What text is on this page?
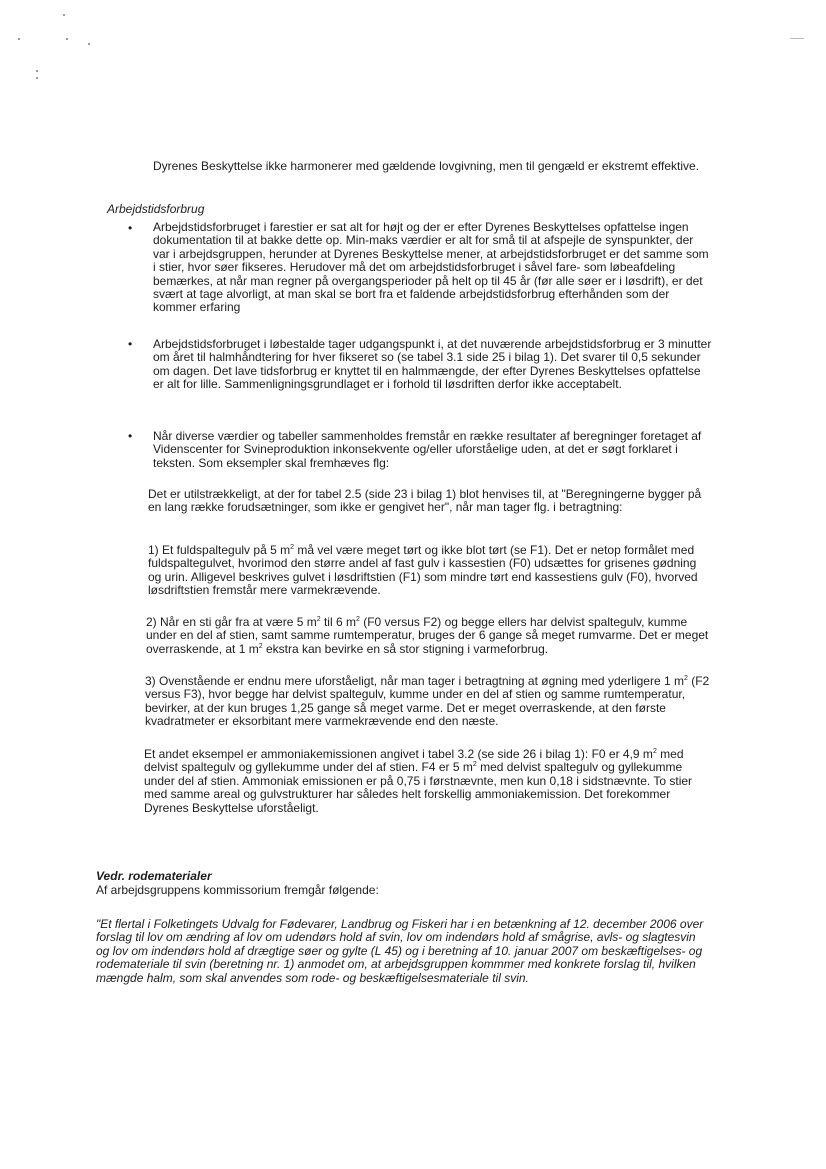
Dyrenes Beskyttelse ikke harmonerer med gældende lovgivning, men til gengæld er ekstremt effektive.

Arbejdstidsforbrug

• Arbejdstidsforbruget i farestier er sat alt for højt og der er efter Dyrenes Beskyttelses opfattelse ingen dokumentation til at bakke dette op. Min-maks værdier er alt for små til at afspejle de synspunkter, der var i arbejdsgruppen, herunder at Dyrenes Beskyttelse mener, at arbejdstidsforbruget er det samme som i stier, hvor søer fikseres. Herudover må det om arbejdstidsforbruget i såvel fare- som løbeafdeling bemærkes, at når man regner på overgangsperioder på helt op til 45 år (før alle søer er i løsdrift), er det svært at tage alvorligt, at man skal se bort fra et faldende arbejdstidsforbrug efterhånden som der kommer erfaring

• Arbejdstidsforbruget i løbestalde tager udgangspunkt i, at det nuværende arbejdstidsforbrug er 3 minutter om året til halmhåndtering for hver fikseret so (se tabel 3.1 side 25 i bilag 1). Det svarer til 0,5 sekunder om dagen. Det lave tidsforbrug er knyttet til en halmmængde, der efter Dyrenes Beskyttelses opfattelse er alt for lille. Sammenligningsgrundlaget er i forhold til løsdriften derfor ikke acceptabelt.

• Når diverse værdier og tabeller sammenholdes fremstår en række resultater af beregninger foretaget af Videnscenter for Svineproduktion inkonsekvente og/eller uforståelige uden, at det er søgt forklaret i teksten. Som eksempler skal fremhæves flg:

Det er utilstrækkeligt, at der for tabel 2.5 (side 23 i bilag 1) blot henvises til, at "Beregningerne bygger på en lang række forudsætninger, som ikke er gengivet her", når man tager flg. i betragtning:

1) Et fuldspaltegulv på 5 $m^2$ må vel være meget tørt og ikke blot tørt (se F1). Det er netop formålet med fuldspaltegulvet, hvorimod den større andel af fast gulv i kassestien (F0) udsættes for grisenes gødning og urin. Alligevel beskrives gulvet i løsdriftstien (F1) som mindre tørt end kassestiens gulv (F0), hvorved løsdriftstien fremstår mere varmekrævende.

2) Når en sti går fra at være 5 $m^2$ til 6 $m^2$ (F0 versus F2) og begge ellers har delvist spaltegulv, kumme under en del af stien, samt samme rumtemperatur, bruges der 6 gange så meget rumvarme. Det er meget overraskende, at 1 $m^2$ ekstra kan bevirke en så stor stigning i varmeforbrug.

3) Ovenstående er endnu mere uforståeligt, når man tager i betragtning at øgning med yderligere 1 $m^2$ (F2 versus F3), hvor begge har delvist spaltegulv, kumme under en del af stien og samme rumtemperatur, bevirker, at der kun bruges 1,25 gange så meget varme. Det er meget overraskende, at den første kvadratmeter er eksorbitant mere varmekrævende end den næste.

Et andet eksempel er ammoniakemissionen angivet i tabel 3.2 (se side 26 i bilag 1): F0 er 4,9 $m^2$ med delvist spaltegulv og gyllekumme under del af stien. F4 er 5 $m^2$ med delvist spaltegulv og gyllekumme under del af stien. Ammoniak emissionen er på 0,75 i førstnævnte, men kun 0,18 i sidstnævnte. To stier med samme areal og gulvstrukturer har således helt forskellig ammoniakemission. Det forekommer Dyrenes Beskyttelse uforståeligt.

Vedr. rodematerialer

Af arbejdsgruppens kommissorium fremgår følgende:

"Et flertal i Folketingets Udvalg for Fødevarer, Landbrug og Fiskeri har i en betænkning af 12. december 2006 over forslag til lov om ændring af lov om udendørs hold af svin, lov om indendørs hold af smågrise, avls- og slagtesvin og lov om indendørs hold af drægtige søer og gylte (L 45) og i beretning af 10. januar 2007 om beskæftigelses- og rodemateriale til svin (beretning nr. 1) anmodet om, at arbejdsgruppen kommmer med konkrete forslag til, hvilken mængde halm, som skal anvendes som rode- og beskæftigelsesmateriale til svin.
